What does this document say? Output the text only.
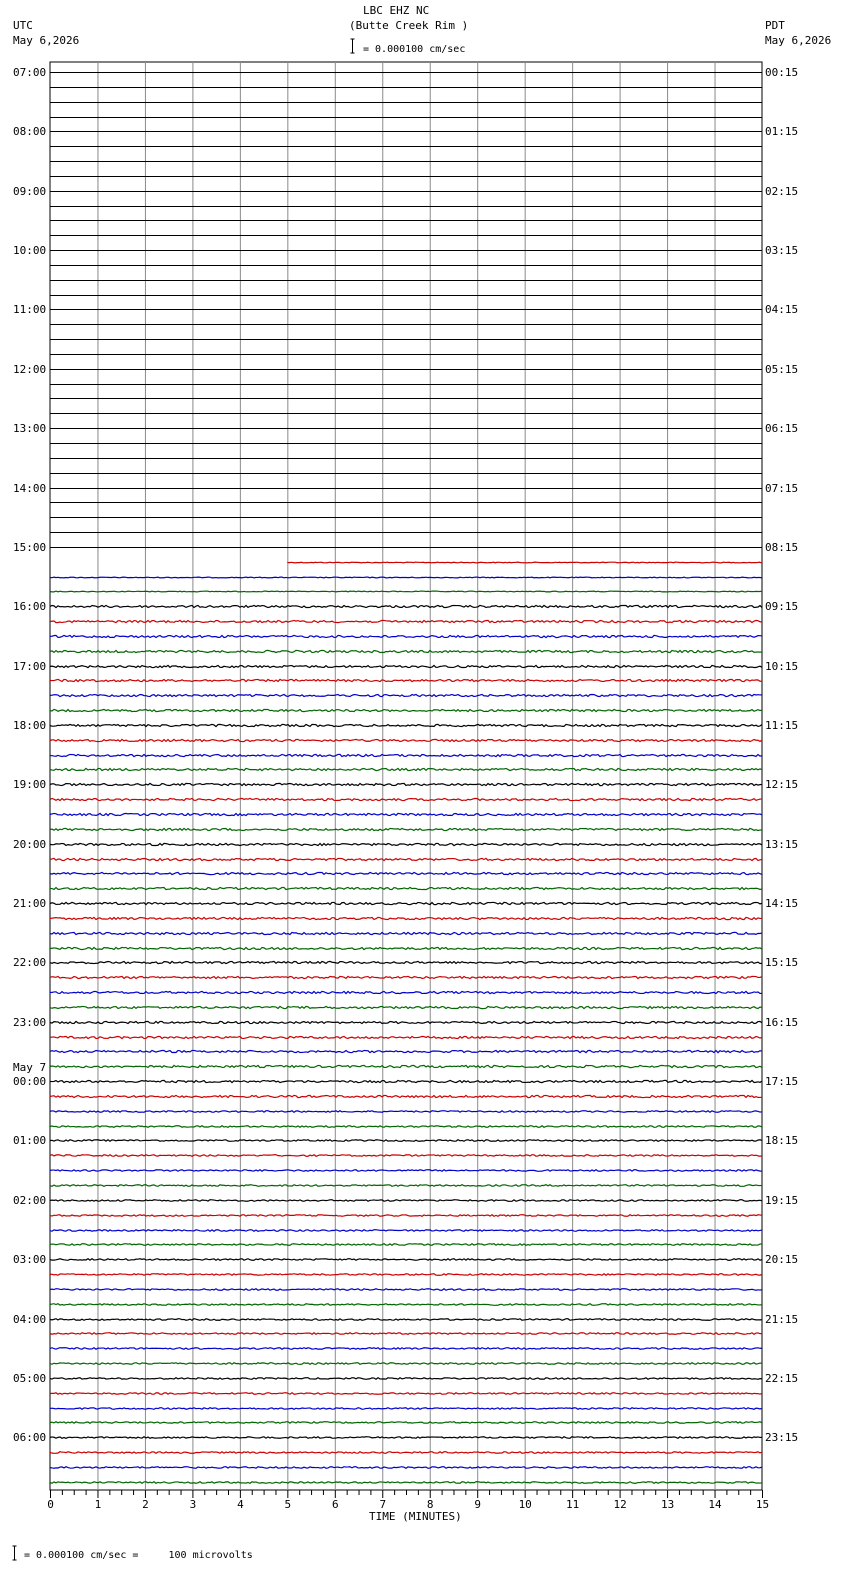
LBC EHZ NC
(Butte Creek Rim )
= 0.000100 cm/sec
UTC
May 6,2026
PDT
May 6,2026
07:00
08:00
09:00
10:00
11:00
12:00
13:00
14:00
15:00
16:00
17:00
18:00
19:00
20:00
21:00
22:00
23:00
00:00
May 7
01:00
02:00
03:00
04:00
05:00
06:00
00:15
01:15
02:15
03:15
04:15
05:15
06:15
07:15
08:15
09:15
10:15
11:15
12:15
13:15
14:15
15:15
16:15
17:15
18:15
19:15
20:15
21:15
22:15
23:15
0	1	2	3	4	5	6	7	8	9	10	11	12	13	14	15
TIME (MINUTES)
= 0.000100 cm/sec =     100 microvolts
